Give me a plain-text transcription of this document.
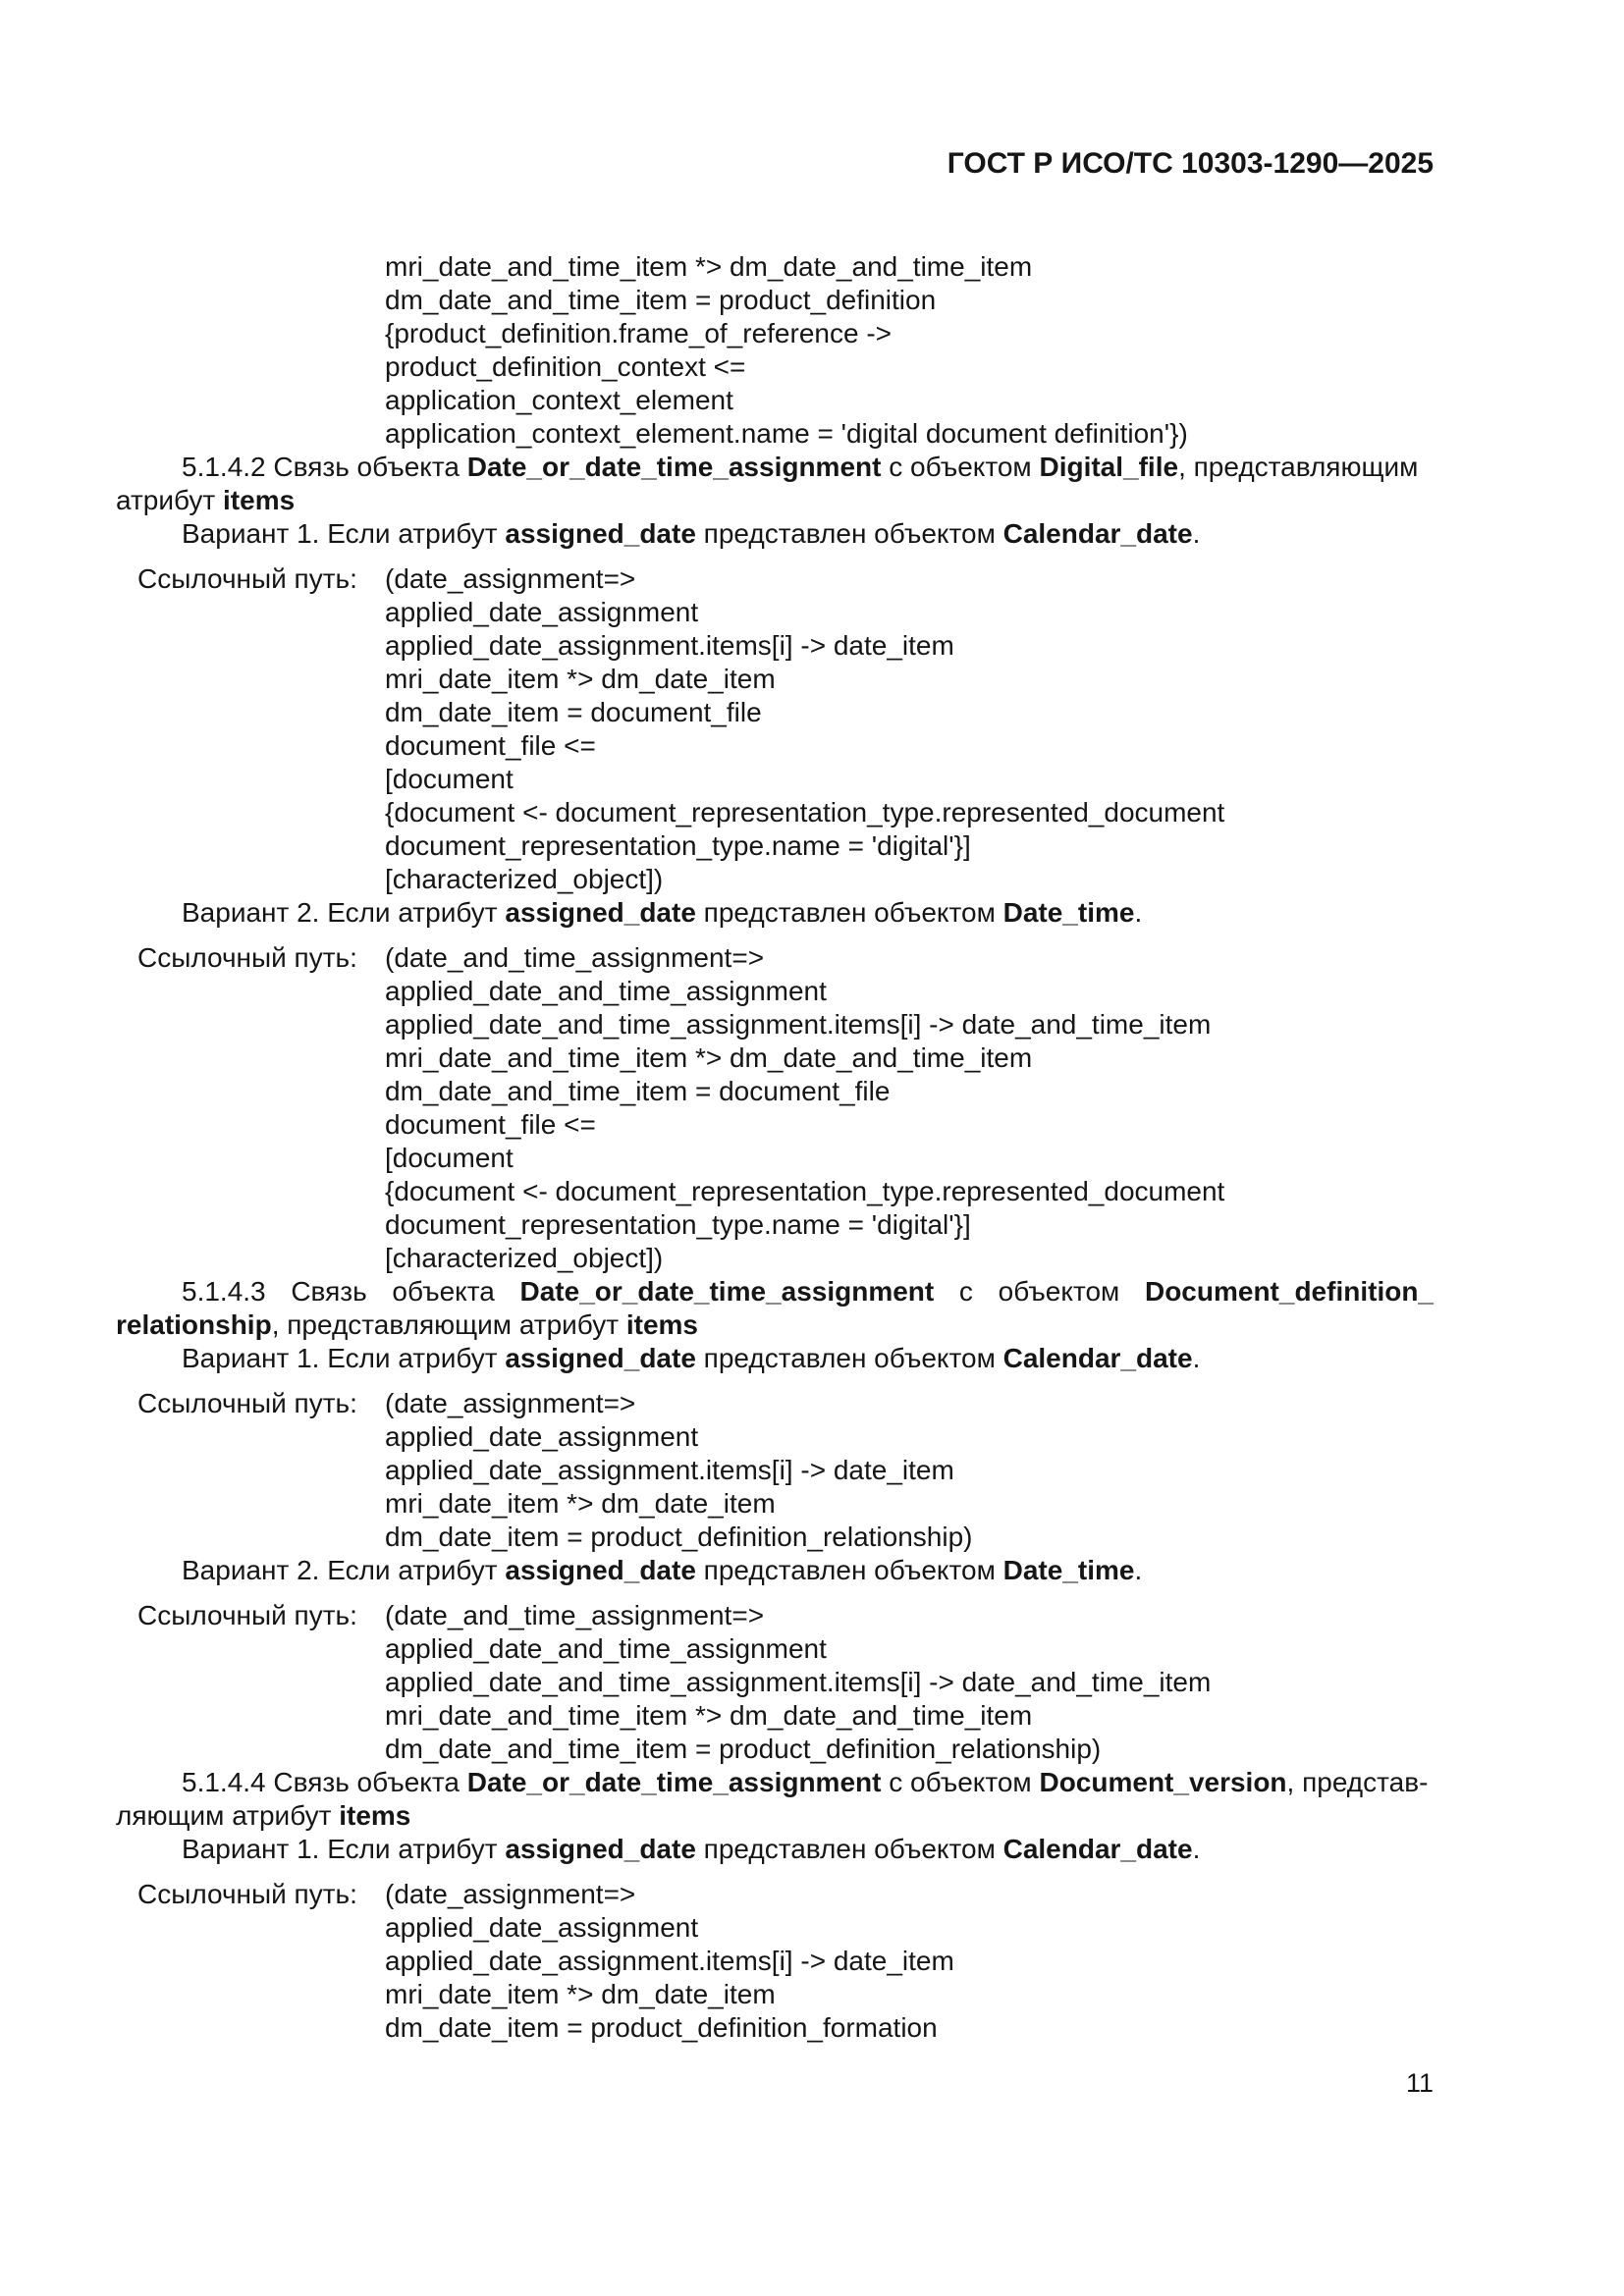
ГОСТ Р ИСО/ТС 10303-1290—2025
mri_date_and_time_item *> dm_date_and_time_item
dm_date_and_time_item = product_definition
{product_definition.frame_of_reference ->
product_definition_context <=
application_context_element
application_context_element.name = 'digital document definition'})

5.1.4.2 Связь объекта Date_or_date_time_assignment с объектом Digital_file, представляющим

атрибут items

Вариант 1. Если атрибут assigned_date представлен объектом Calendar_date.

Ссылочный путь: (date_assignment=>
applied_date_assignment
applied_date_assignment.items[i] -> date_item
mri_date_item *> dm_date_item
dm_date_item = document_file
document_file <=
[document
{document <- document_representation_type.represented_document
document_representation_type.name = 'digital'}]
[characterized_object])

Вариант 2. Если атрибут assigned_date представлен объектом Date_time.

Ссылочный путь: (date_and_time_assignment=>
applied_date_and_time_assignment
applied_date_and_time_assignment.items[i] -> date_and_time_item
mri_date_and_time_item *> dm_date_and_time_item
dm_date_and_time_item = document_file
document_file <=
[document
{document <- document_representation_type.represented_document
document_representation_type.name = 'digital'}]
[characterized_object])

5.1.4.3 Связь объекта Date_or_date_time_assignment с объектом Document_definition_

relationship, представляющим атрибут items

Вариант 1. Если атрибут assigned_date представлен объектом Calendar_date.

Ссылочный путь: (date_assignment=>
applied_date_assignment
applied_date_assignment.items[i] -> date_item
mri_date_item *> dm_date_item
dm_date_item = product_definition_relationship)

Вариант 2. Если атрибут assigned_date представлен объектом Date_time.

Ссылочный путь: (date_and_time_assignment=>
applied_date_and_time_assignment
applied_date_and_time_assignment.items[i] -> date_and_time_item
mri_date_and_time_item *> dm_date_and_time_item
dm_date_and_time_item = product_definition_relationship)

5.1.4.4 Связь объекта Date_or_date_time_assignment с объектом Document_version, представ-

ляющим атрибут items

Вариант 1. Если атрибут assigned_date представлен объектом Calendar_date.

Ссылочный путь: (date_assignment=>
applied_date_assignment
applied_date_assignment.items[i] -> date_item
mri_date_item *> dm_date_item
dm_date_item = product_definition_formation
11
